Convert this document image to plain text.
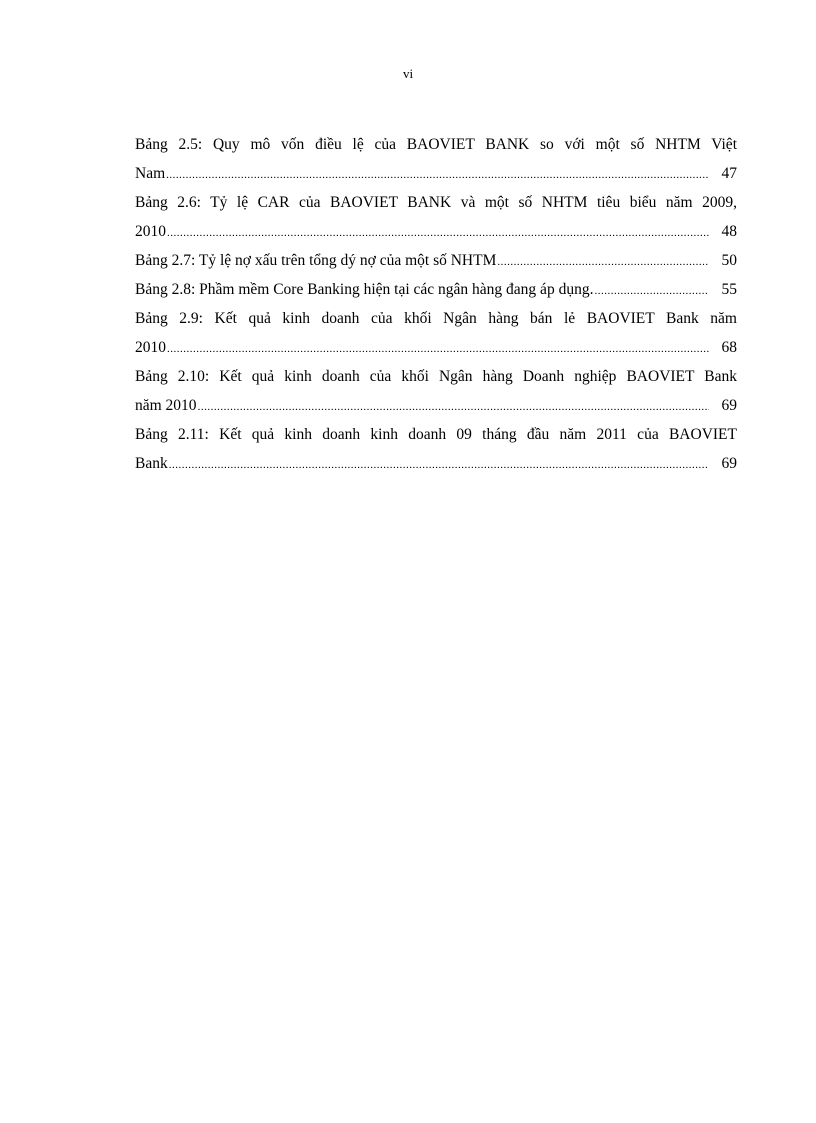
vi
Bảng 2.5: Quy mô vốn điều lệ của BAOVIET BANK so với một số NHTM Việt
Nam .....	47
Bảng 2.6: Tỷ lệ CAR của BAOVIET BANK và một số NHTM tiêu biểu năm 2009,
2010 .....	48
Bảng 2.7: Tỷ lệ nợ xấu trên tổng dý nợ của một số NHTM .....	50
Bảng 2.8: Phầm mềm Core Banking hiện tại các ngân hàng đang áp dụng. .....	55
Bảng 2.9: Kết quả kinh doanh của khối Ngân hàng bán lẻ BAOVIET Bank năm
2010 .....	68
Bảng 2.10: Kết quả kinh doanh của khối Ngân hàng Doanh nghiệp BAOVIET Bank
năm 2010 .....	69
Bảng 2.11: Kết quả kinh doanh kinh doanh 09 tháng đầu năm 2011 của BAOVIET
Bank .....	69
